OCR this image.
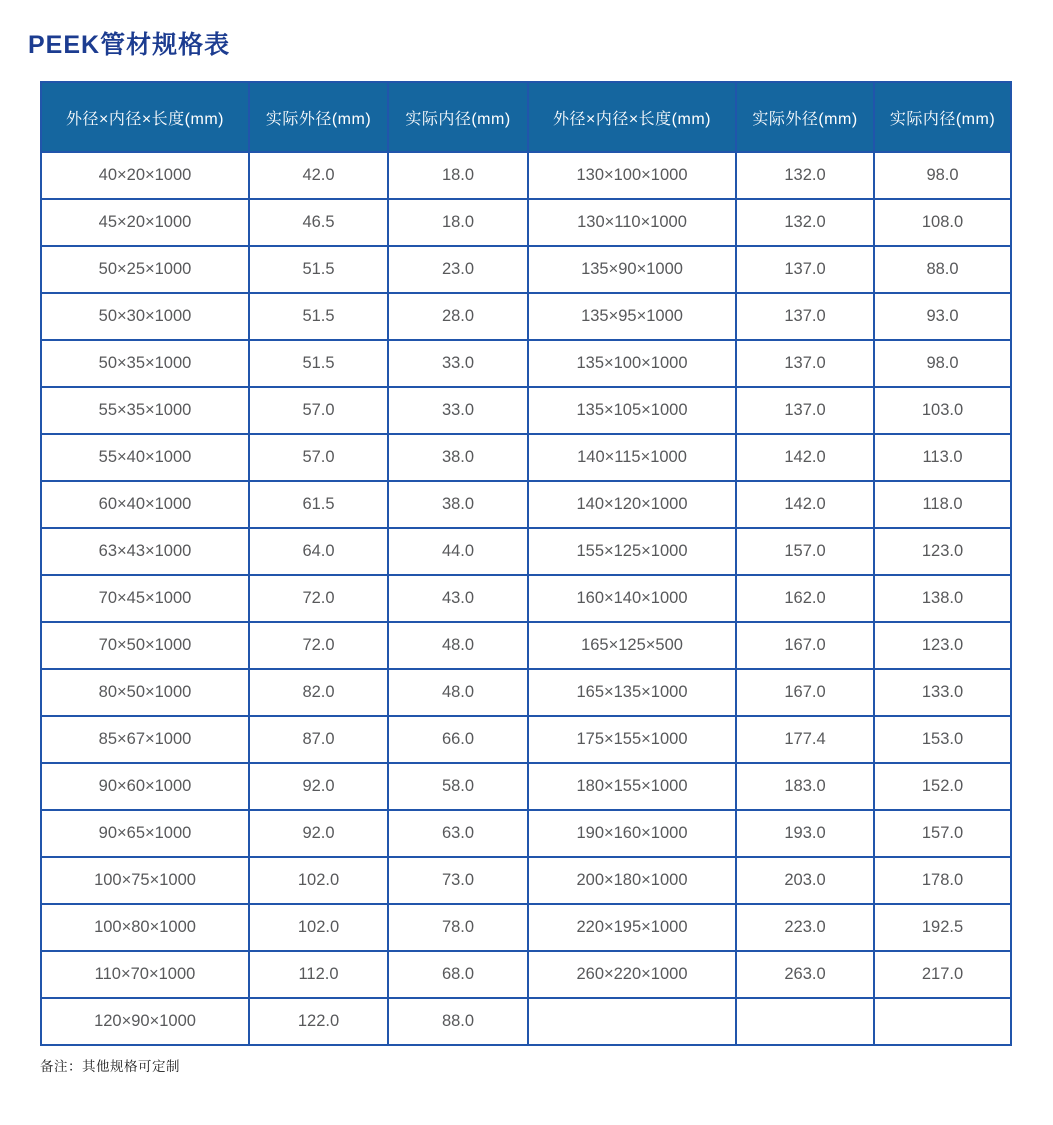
PEEK管材规格表
外径×内径×长度(mm)	实际外径(mm)	实际内径(mm)	外径×内径×长度(mm)	实际外径(mm)	实际内径(mm)
40×20×1000	42.0	18.0	130×100×1000	132.0	98.0
45×20×1000	46.5	18.0	130×110×1000	132.0	108.0
50×25×1000	51.5	23.0	135×90×1000	137.0	88.0
50×30×1000	51.5	28.0	135×95×1000	137.0	93.0
50×35×1000	51.5	33.0	135×100×1000	137.0	98.0
55×35×1000	57.0	33.0	135×105×1000	137.0	103.0
55×40×1000	57.0	38.0	140×115×1000	142.0	113.0
60×40×1000	61.5	38.0	140×120×1000	142.0	118.0
63×43×1000	64.0	44.0	155×125×1000	157.0	123.0
70×45×1000	72.0	43.0	160×140×1000	162.0	138.0
70×50×1000	72.0	48.0	165×125×500	167.0	123.0
80×50×1000	82.0	48.0	165×135×1000	167.0	133.0
85×67×1000	87.0	66.0	175×155×1000	177.4	153.0
90×60×1000	92.0	58.0	180×155×1000	183.0	152.0
90×65×1000	92.0	63.0	190×160×1000	193.0	157.0
100×75×1000	102.0	73.0	200×180×1000	203.0	178.0
100×80×1000	102.0	78.0	220×195×1000	223.0	192.5
110×70×1000	112.0	68.0	260×220×1000	263.0	217.0
120×90×1000	122.0	88.0			

备注：其他规格可定制
